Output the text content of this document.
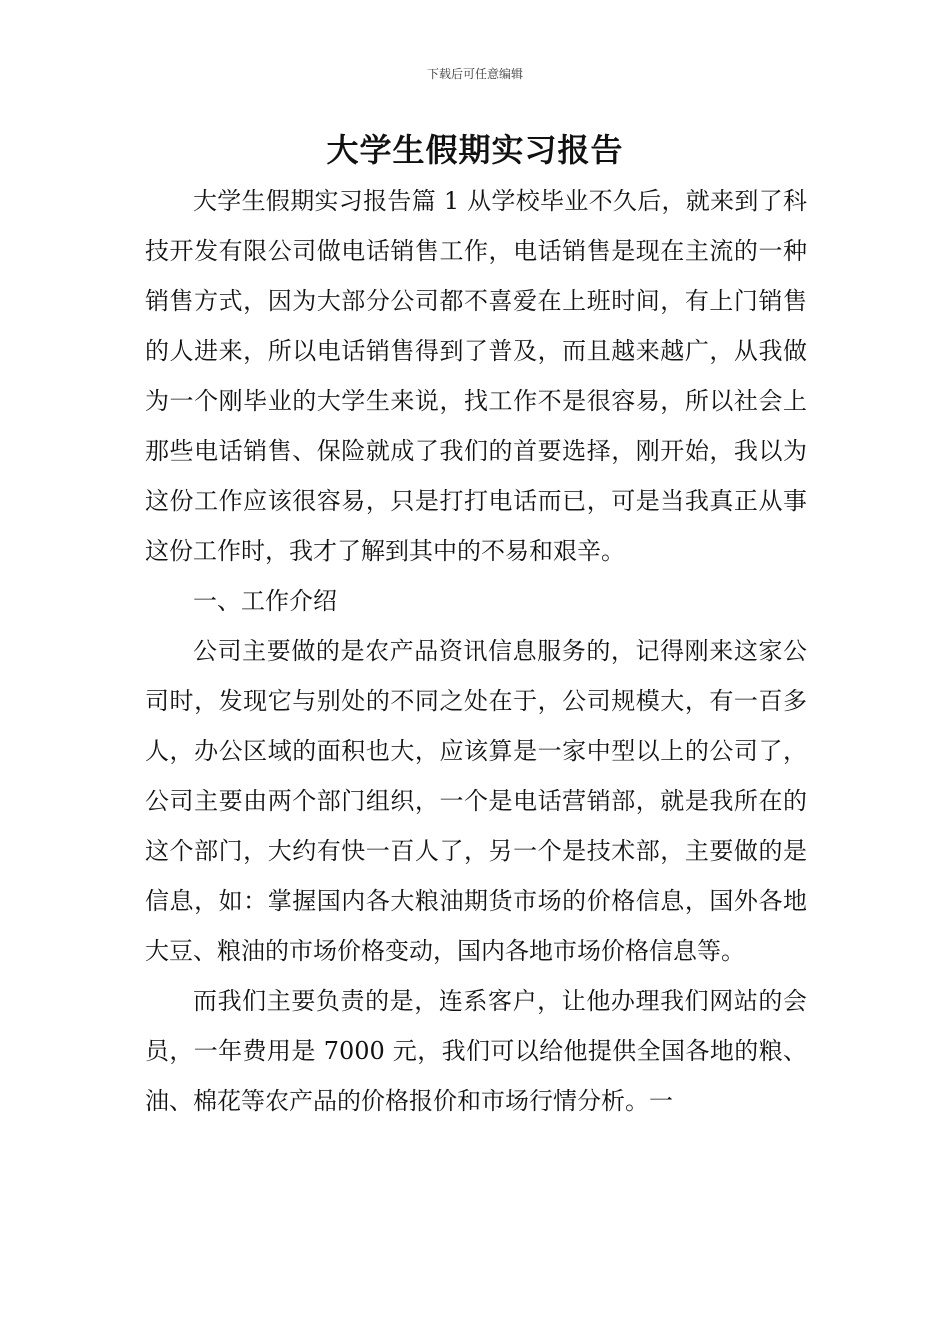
下载后可任意编辑
大学生假期实习报告

大学生假期实习报告篇 1 从学校毕业不久后，就来到了科技开发有限公司做电话销售工作，电话销售是现在主流的一种销售方式，因为大部分公司都不喜爱在上班时间，有上门销售的人进来，所以电话销售得到了普及，而且越来越广，从我做为一个刚毕业的大学生来说，找工作不是很容易，所以社会上那些电话销售、保险就成了我们的首要选择，刚开始，我以为这份工作应该很容易，只是打打电话而已，可是当我真正从事这份工作时，我才了解到其中的不易和艰辛。

一、工作介绍

公司主要做的是农产品资讯信息服务的，记得刚来这家公司时，发现它与别处的不同之处在于，公司规模大，有一百多人，办公区域的面积也大，应该算是一家中型以上的公司了，公司主要由两个部门组织，一个是电话营销部，就是我所在的这个部门，大约有快一百人了，另一个是技术部，主要做的是信息，如：掌握国内各大粮油期货市场的价格信息，国外各地大豆、粮油的市场价格变动，国内各地市场价格信息等。

而我们主要负责的是，连系客户，让他办理我们网站的会员，一年费用是 7000 元，我们可以给他提供全国各地的粮、油、棉花等农产品的价格报价和市场行情分析。一
